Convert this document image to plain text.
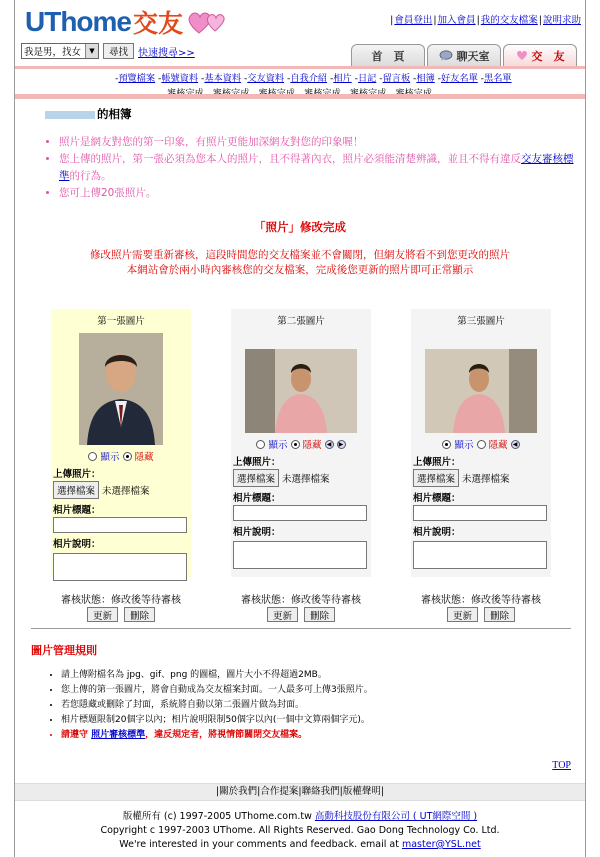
UThome 交友	|會員登出|加入會員|我的交友檔案|說明求助
我是男，找女	▼	尋找	快速搜尋>>	首　頁	聊天室	交　友
-預覽檔案 -帳號資料 -基本資料 -交友資料 -自我介紹 -相片 -日記 -留言板 -相簿 -好友名單 -黑名單

的相簿
• 照片是網友對您的第一印象，有照片更能加深網友對您的印象喔！
• 您上傳的照片，第一張必須為您本人的照片，且不得著內衣，照片必須能清楚辨識，並且不得有違反交友審核標準的行為。
• 您可上傳20張照片。
「照片」修改完成
修改照片需要重新審核，這段時間您的交友檔案並不會關閉，但網友將看不到您更改的照片
本網站會於兩小時內審核您的交友檔案，完成後您更新的照片即可正常顯示
第一張圖片
顯示 隱藏
上傳照片：
選擇檔案 未選擇檔案
相片標題：
相片說明：
第二張圖片
顯示 隱藏 ◀	▶
上傳照片：
選擇檔案 未選擇檔案
相片標題：
相片說明：
第三張圖片
顯示 隱藏 ◀
上傳照片：
選擇檔案 未選擇檔案
相片標題：
相片說明：
審核狀態：修改後等待審核	審核狀態：修改後等待審核	審核狀態：修改後等待審核
更新	刪除	更新	刪除	更新	刪除
圖片管理規則
• 請上傳附檔名為 jpg、gif、png 的圖檔，圖片大小不得超過2MB。
• 您上傳的第一張圖片，將會自動成為交友檔案封面。一人最多可上傳3張照片。
• 若您隱藏或刪除了封面，系統將自動以第二張圖片做為封面。
• 相片標題限制20個字以內；相片說明限制50個字以內(一個中文算兩個字元)。
• 請遵守 照片審核標準，違反規定者，將視情節關閉交友檔案。
TOP
|關於我們|合作提案|聯絡我們|版權聲明|
版權所有 (c) 1997-2005 UThome.com.tw 高動科技股份有限公司 ( UT網際空間 )
Copyright c 1997-2003 UThome. All Rights Reserved. Gao Dong Technology Co. Ltd.
We're interested in your comments and feedback. email at master@YSL.net
